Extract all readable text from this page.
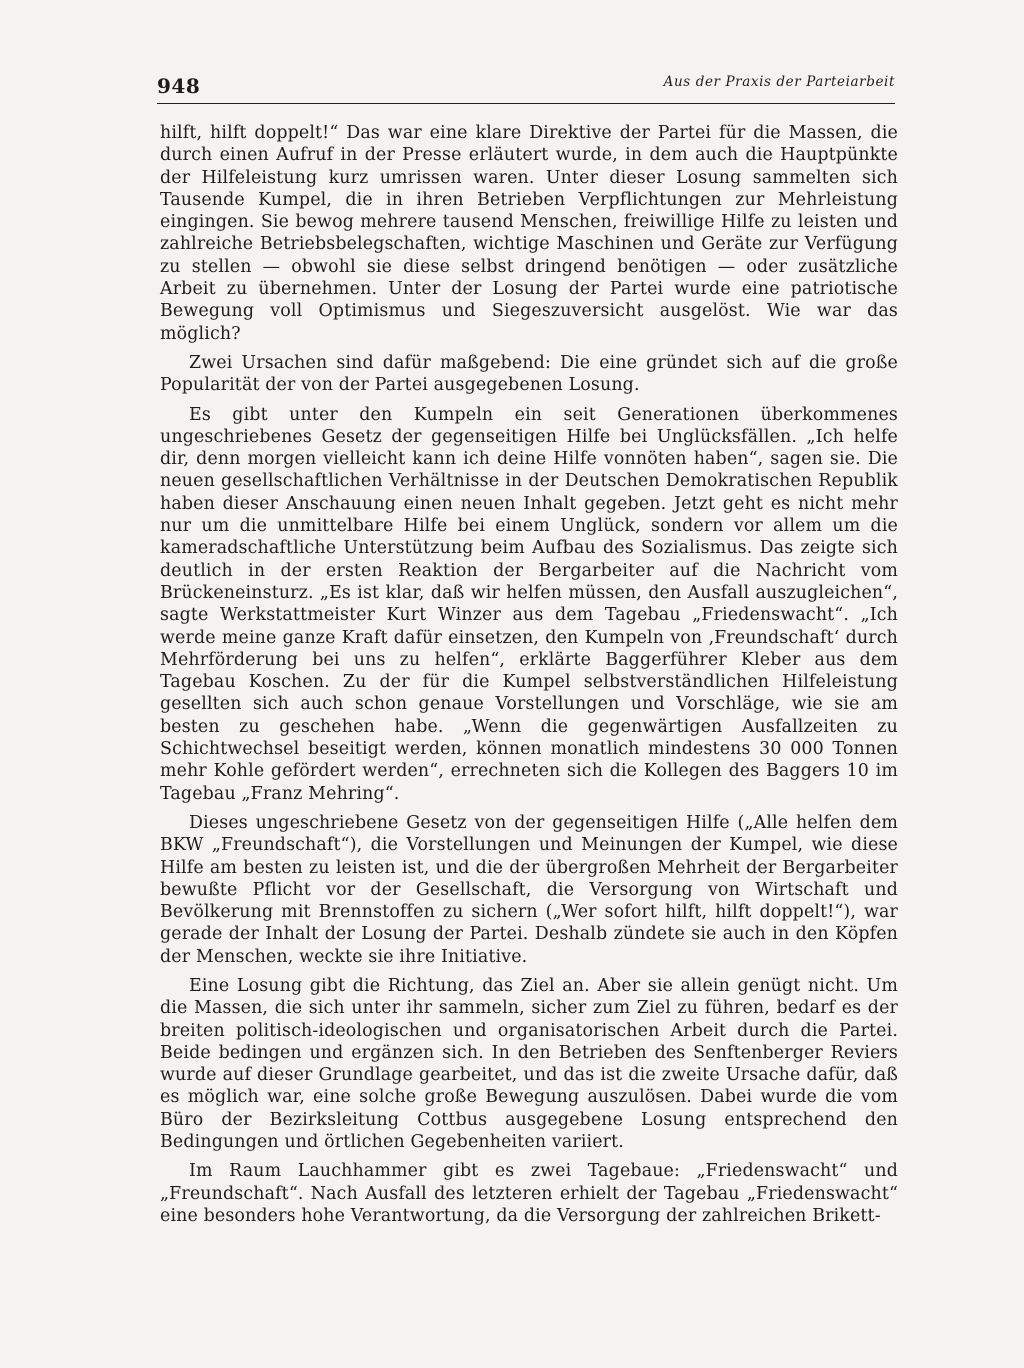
948	Aus der Praxis der Parteiarbeit

hilft, hilft doppelt!“ Das war eine klare Direktive der Partei für die Massen, die durch einen Aufruf in der Presse erläutert wurde, in dem auch die Hauptpünkte der Hilfeleistung kurz umrissen waren. Unter dieser Losung sammelten sich Tausende Kumpel, die in ihren Betrieben Verpflichtungen zur Mehrleistung eingingen. Sie bewog mehrere tausend Menschen, freiwillige Hilfe zu leisten und zahlreiche Betriebsbelegschaften, wichtige Maschinen und Geräte zur Verfügung zu stellen — obwohl sie diese selbst dringend benötigen — oder zusätzliche Arbeit zu übernehmen. Unter der Losung der Partei wurde eine patriotische Bewegung voll Optimismus und Siegeszuversicht ausgelöst. Wie war das möglich?

Zwei Ursachen sind dafür maßgebend: Die eine gründet sich auf die große Popularität der von der Partei ausgegebenen Losung.

Es gibt unter den Kumpeln ein seit Generationen überkommenes ungeschriebenes Gesetz der gegenseitigen Hilfe bei Unglücksfällen. „Ich helfe dir, denn morgen vielleicht kann ich deine Hilfe vonnöten haben“, sagen sie. Die neuen gesellschaftlichen Verhältnisse in der Deutschen Demokratischen Republik haben dieser Anschauung einen neuen Inhalt gegeben. Jetzt geht es nicht mehr nur um die unmittelbare Hilfe bei einem Unglück, sondern vor allem um die kameradschaftliche Unterstützung beim Aufbau des Sozialismus. Das zeigte sich deutlich in der ersten Reaktion der Bergarbeiter auf die Nachricht vom Brückeneinsturz. „Es ist klar, daß wir helfen müssen, den Ausfall auszugleichen“, sagte Werkstattmeister Kurt Winzer aus dem Tagebau „Friedenswacht“. „Ich werde meine ganze Kraft dafür einsetzen, den Kumpeln von ‚Freundschaft‘ durch Mehrförderung bei uns zu helfen“, erklärte Baggerführer Kleber aus dem Tagebau Koschen. Zu der für die Kumpel selbstverständlichen Hilfeleistung gesellten sich auch schon genaue Vorstellungen und Vorschläge, wie sie am besten zu geschehen habe. „Wenn die gegenwärtigen Ausfallzeiten zu Schichtwechsel beseitigt werden, können monatlich mindestens 30 000 Tonnen mehr Kohle gefördert werden“, errechneten sich die Kollegen des Baggers 10 im Tagebau „Franz Mehring“.

Dieses ungeschriebene Gesetz von der gegenseitigen Hilfe („Alle helfen dem BKW „Freundschaft“), die Vorstellungen und Meinungen der Kumpel, wie diese Hilfe am besten zu leisten ist, und die der übergroßen Mehrheit der Bergarbeiter bewußte Pflicht vor der Gesellschaft, die Versorgung von Wirtschaft und Bevölkerung mit Brennstoffen zu sichern („Wer sofort hilft, hilft doppelt!“), war gerade der Inhalt der Losung der Partei. Deshalb zündete sie auch in den Köpfen der Menschen, weckte sie ihre Initiative.

Eine Losung gibt die Richtung, das Ziel an. Aber sie allein genügt nicht. Um die Massen, die sich unter ihr sammeln, sicher zum Ziel zu führen, bedarf es der breiten politisch-ideologischen und organisatorischen Arbeit durch die Partei. Beide bedingen und ergänzen sich. In den Betrieben des Senftenberger Reviers wurde auf dieser Grundlage gearbeitet, und das ist die zweite Ursache dafür, daß es möglich war, eine solche große Bewegung auszulösen. Dabei wurde die vom Büro der Bezirksleitung Cottbus ausgegebene Losung entsprechend den Bedingungen und örtlichen Gegebenheiten variiert.

Im Raum Lauchhammer gibt es zwei Tagebaue: „Friedenswacht“ und „Freundschaft“. Nach Ausfall des letzteren erhielt der Tagebau „Friedenswacht“ eine besonders hohe Verantwortung, da die Versorgung der zahlreichen Brikett-
